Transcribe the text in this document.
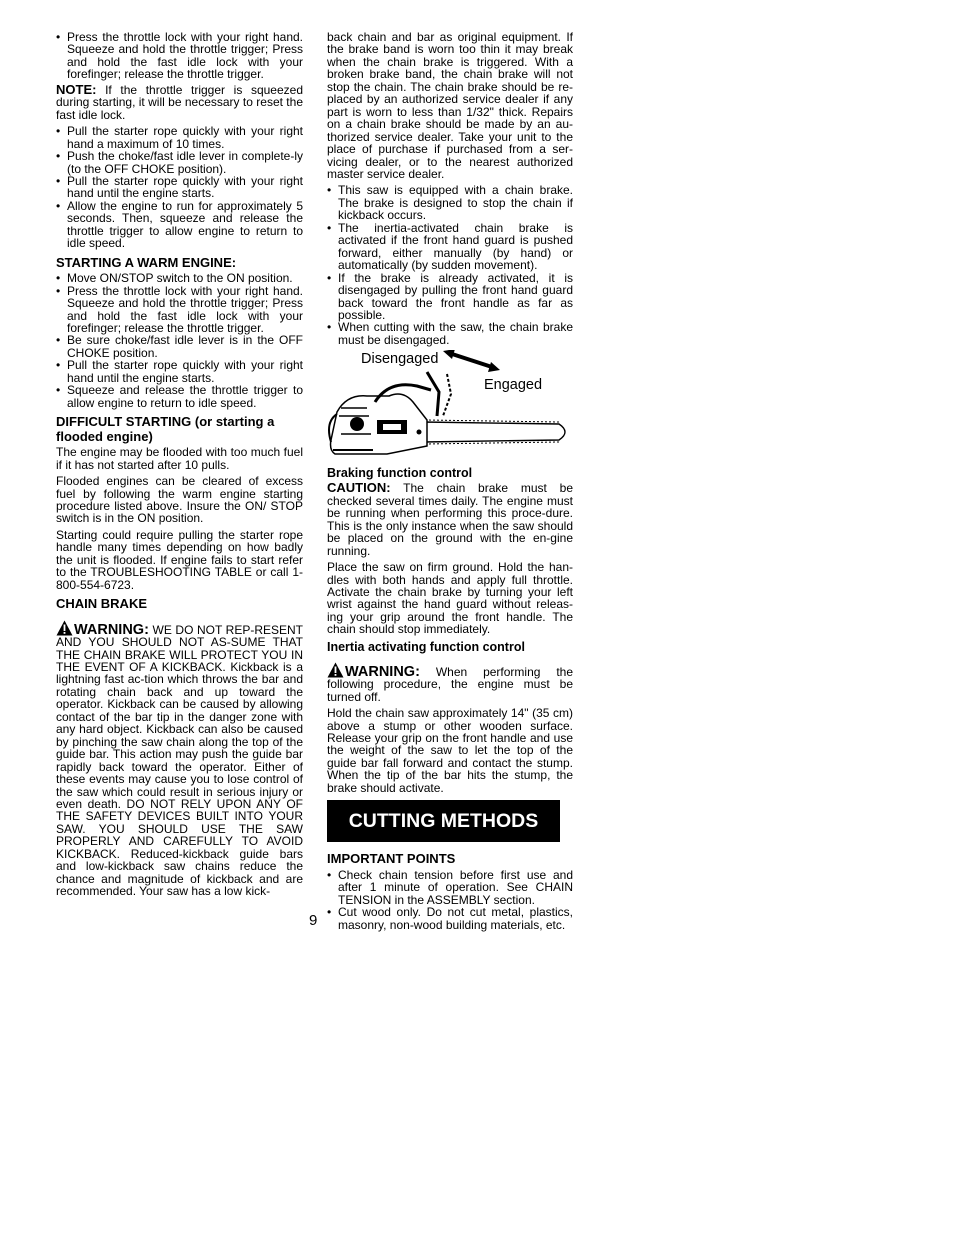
• Press the throttle lock with your right hand. Squeeze and hold the throttle trigger; Press and hold the fast idle lock with your forefinger; release the throttle trigger.

NOTE: If the throttle trigger is squeezed during starting, it will be necessary to reset the fast idle lock.

• Pull the starter rope quickly with your right hand a maximum of 10 times.
• Push the choke/fast idle lever in complete-ly (to the OFF CHOKE position).
• Pull the starter rope quickly with your right hand until the engine starts.
• Allow the engine to run for approximately 5 seconds. Then, squeeze and release the throttle trigger to allow engine to return to idle speed.
STARTING A WARM ENGINE:
• Move ON/STOP switch to the ON position.
• Press the throttle lock with your right hand. Squeeze and hold the throttle trigger; Press and hold the fast idle lock with your forefinger; release the throttle trigger.
• Be sure choke/fast idle lever is in the OFF CHOKE position.
• Pull the starter rope quickly with your right hand until the engine starts.
• Squeeze and release the throttle trigger to allow engine to return to idle speed.
DIFFICULT STARTING (or starting a flooded engine)

The engine may be flooded with too much fuel if it has not started after 10 pulls.

Flooded engines can be cleared of excess fuel by following the warm engine starting procedure listed above. Insure the ON/ STOP switch is in the ON position.

Starting could require pulling the starter rope handle many times depending on how badly the unit is flooded. If engine fails to start refer to the TROUBLESHOOTING TABLE or call 1-800-554-6723.

CHAIN BRAKE

WARNING: WE DO NOT REP-RESENT AND YOU SHOULD NOT AS-SUME THAT THE CHAIN BRAKE WILL PROTECT YOU IN THE EVENT OF A KICKBACK. Kickback is a lightning fast ac-tion which throws the bar and rotating chain back and up toward the operator. Kickback can be caused by allowing contact of the bar tip in the danger zone with any hard object. Kickback can also be caused by pinching the saw chain along the top of the guide bar. This action may push the guide bar rapidly back toward the operator. Either of these events may cause you to lose control of the saw which could result in serious injury or even death. DO NOT RELY UPON ANY OF THE SAFETY DEVICES BUILT INTO YOUR SAW. YOU SHOULD USE THE SAW PROPERLY AND CAREFULLY TO AVOID KICKBACK. Reduced-kickback guide bars and low-kickback saw chains reduce the chance and magnitude of kickback and are recommended. Your saw has a low kick-

back chain and bar as original equipment. If the brake band is worn too thin it may break when the chain brake is triggered. With a broken brake band, the chain brake will not stop the chain. The chain brake should be re-placed by an authorized service dealer if any part is worn to less than 1/32" thick. Repairs on a chain brake should be made by an au-thorized service dealer. Take your unit to the place of purchase if purchased from a ser-vicing dealer, or to the nearest authorized master service dealer.

• This saw is equipped with a chain brake. The brake is designed to stop the chain if kickback occurs.
• The inertia-activated chain brake is activated if the front hand guard is pushed forward, either manually (by hand) or automatically (by sudden movement).
• If the brake is already activated, it is disengaged by pulling the front hand guard back toward the front handle as far as possible.
• When cutting with the saw, the chain brake must be disengaged.
Disengaged
Engaged
Braking function control

CAUTION: The chain brake must be checked several times daily. The engine must be running when performing this proce-dure. This is the only instance when the saw should be placed on the ground with the en-gine running.

Place the saw on firm ground. Hold the han-dles with both hands and apply full throttle. Activate the chain brake by turning your left wrist against the hand guard without releas-ing your grip around the front handle. The chain should stop immediately.

Inertia activating function control

WARNING: When performing the following procedure, the engine must be turned off.

Hold the chain saw approximately 14" (35 cm) above a stump or other wooden surface. Release your grip on the front handle and use the weight of the saw to let the top of the guide bar fall forward and contact the stump. When the tip of the bar hits the stump, the brake should activate.

CUTTING METHODS
IMPORTANT POINTS
• Check chain tension before first use and after 1 minute of operation. See CHAIN TENSION in the ASSEMBLY section.
• Cut wood only. Do not cut metal, plastics, masonry, non-wood building materials, etc.
9
